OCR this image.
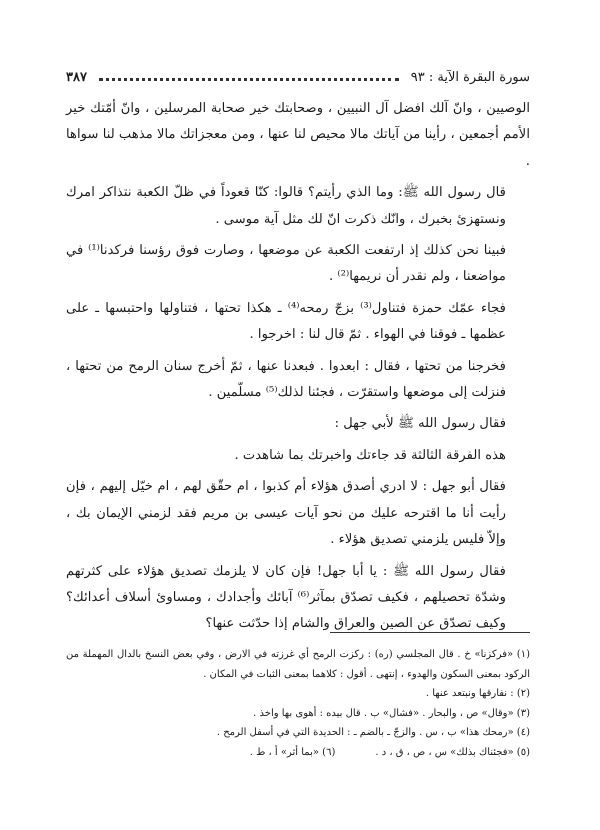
سورة البقرة الآية : ٩٣
٣٨٧

الوصيين ، وانّ آلك افضل آل النبيين ، وصحابتك خير صحابة المرسلين ، وانّ أمّتك خير الأمم أجمعين ، رأينا من آياتك مالا محيص لنا عنها ، ومن معجزاتك مالا مذهب لنا سواها .

قال رسول الله ﷺ: وما الذي رأيتم؟ قالوا: كنّا قعوداً في ظلّ الكعبة نتذاكر امرك ونستهزئ بخبرك ، وانّك ذكرت انّ لك مثل آية موسى .

فبينا نحن كذلك إذ ارتفعت الكعبة عن موضعها ، وصارت فوق رؤسنا فركدنا⁽¹⁾ في مواضعنا ، ولم نقدر أن نريمها⁽²⁾ .

فجاء عمّك حمزة فتناول⁽³⁾ بزجّ رمحه⁽⁴⁾ ـ هكذا تحتها ، فتناولها واحتبسها ـ على عظمها ـ فوقنا في الهواء . ثمّ قال لنا : اخرجوا .

فخرجنا من تحتها ، فقال : ابعدوا . فبعدنا عنها ، ثمّ أخرج سنان الرمح من تحتها ، فنزلت إلى موضعها واستقرّت ، فجئنا لذلك⁽⁵⁾ مسلّمين .

فقال رسول الله ﷺ لأبي جهل :

هذه الفرقة الثالثة قد جاءتك واخبرتك بما شاهدت .

فقال أبو جهل : لا ادري أصدق هؤلاء أم كذبوا ، ام حقّق لهم ، ام خيّل إليهم ، فإن رأيت أنا ما اقترحه عليك من نحو آيات عيسى بن مريم فقد لزمني الإيمان بك ، وإلاّ فليس يلزمني تصديق هؤلاء .

فقال رسول الله ﷺ : يا أبا جهل! فإن كان لا يلزمك تصديق هؤلاء على كثرتهم وشدّة تحصيلهم ، فكيف تصدّق بمآثر⁽⁶⁾ آبائك وأجدادك ، ومساوئ أسلاف أعدائك؟ وكيف تصدّق عن الصين والعراق والشام إذا حدّثت عنها؟

(١) «فركزنا» خ . قال المجلسي (ره) : ركزت الرمح أي غرزته في الارض ، وفي بعض النسخ بالدال المهملة من الركود بمعنى السكون والهدوء ، إنتهى . أقول : كلاهما بمعنى الثبات في المكان .

(٢) : نفارقها ونبتعد عنها .

(٣) «وقال» ص ، والبحار . «فشال» ب . قال بيده : أهوى بها واخذ .

(٤) «رمحك هذا» ب ، س . والزجّ ـ بالضم ـ : الحديدة التي في أسفل الرمح .

(٥) «فجئناك بذلك» س ، ص ، ق ، د .
(٦) «بما أثر» أ ، ط .
